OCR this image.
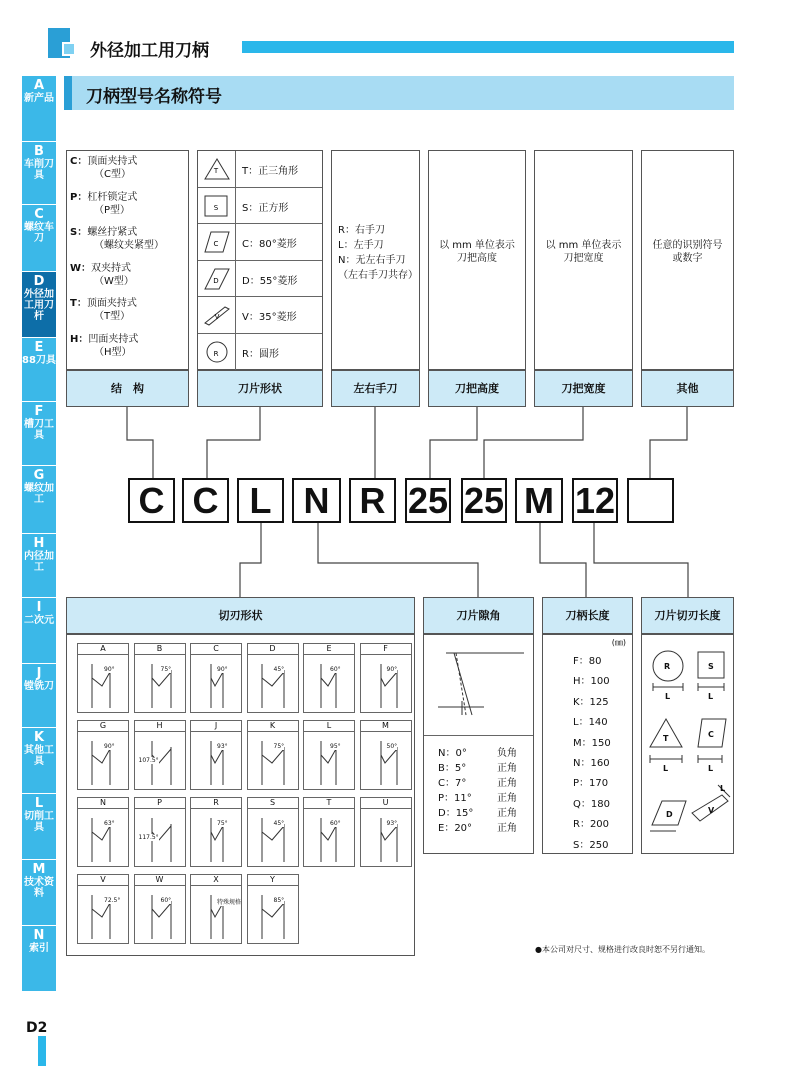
外径加工用刀柄
刀柄型号名称符号
A
新产品
B
车削刀具
C
螺纹车刀
D
外径加工用刀杆
E
88刀具
F
槽刀工具
G
螺纹加工
H
内径加工
I
二次元
J
镗铣刀
K
其他工具
L
切削工具
M
技术资料
N
索引
D2
C：顶面夹持式
（C型）
P：杠杆锁定式
（P型）
S：螺丝拧紧式
（螺纹夹紧型）
W：双夹持式
（W型）
T：顶面夹持式
（T型）
H：凹面夹持式
（H型）
结　构
T T：正三角形
S S：正方形
C C：80°菱形
D D：55°菱形
V V：35°菱形
R R：圆形
刀片形状
R：右手刀
L：左手刀
N：无左右手刀
（左右手刀共存）
左右手刀
以 mm 单位表示刀把高度
刀把高度
以 mm 单位表示刀把宽度
刀把宽度
任意的识别符号或数字
其他
C C L N R 25 25 M 12
切刃形状
A
90°
B
75°
C
90°
D
45°
E
60°
F
90°
G
90°
H
107.5°
J
93°
K
75°
L
95°
M
50°
N
63°
P
117.5°
R
75°
S
45°
T
60°
U
93°
V
72.5°
W
60°
X
特殊规格
Y
85°
刀片隙角
N：0°	负角
B：5°	正角
C：7°	正角
P：11°	正角
D：15° 正角
E：20° 正角
刀柄长度
(㎜)
F：80
H：100
K：125
L：140
M：150
N：160
P：170
Q：180
R：200
S：250
刀片切刃长度
R	S
T	C
D	V
L	L
L	L
L
●本公司对尺寸、规格进行改良时恕不另行通知。
